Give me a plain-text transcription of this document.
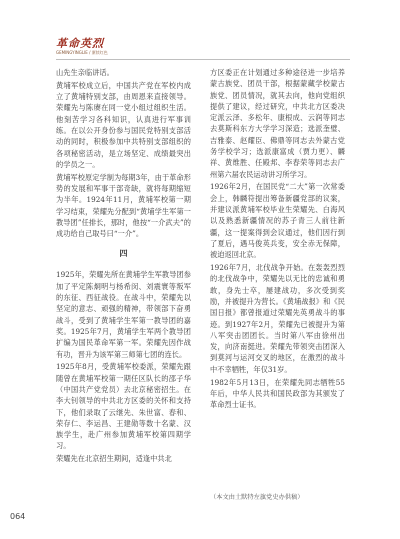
革命英烈
GEMINGYINGLIE / 赓续红色

山先生亲临讲话。

黄埔军校成立后，中国共产党在军校内成立了黄埔特别支部，由周恩来直接领导。荣耀先与陈赓在同一党小组过组织生活。他刻苦学习各科知识，认真进行军事训练。在以公开身份参与国民党特别支部活动的同时，积极参加中共特别支部组织的各项秘密活动，是立场坚定、成绩最突出的学员之一。

黄埔军校原定学制为每期3年，由于革命形势的发展和军事干部奇缺，就将每期缩短为半年。1924年11月，黄埔军校第一期学习结束，荣耀先分配到“黄埔学生军第一教导团”任排长，那时，他按“一介武夫”的成功给自己取号曰“一介”。

四

1925年，荣耀先所在黄埔学生军教导团参加了平定陈炯明与杨希闵、刘震寰等叛军的东征、西征战役。在战斗中，荣耀先以坚定的意志、顽强的精神，带领部下奋勇战斗，受到了黄埔学生军第一教导团的嘉奖。1925年7月，黄埔学生军两个教导团扩编为国民革命军第一军。荣耀先因作战有功，晋升为该军第三师第七团的连长。

1925年8月，受黄埔军校委派，荣耀先跟随曾在黄埔军校第一期任区队长的邵子华（中国共产党党员）去北京秘密招生。在李大钊领导的中共北方区委的关怀和支持下，他们录取了云继先、朱世富、春和、荣存仁、李运昌、王建勋等数十名蒙、汉族学生，赴广州参加黄埔军校第四期学习。

荣耀先在北京招生期间，适逢中共北

方区委正在计划通过多种途径进一步培养蒙古族党、团员干部，根据蒙藏学校蒙古族党、团员情况，就其去向，他向党组织提供了建议，经过研究，中共北方区委决定派云泽、多松年、康根成、云润等同志去莫斯科东方大学学习深造；选派奎璧、吉雅泰、赵耀臣、佛鼎等同志去外蒙古党务学校学习；选派康富成（贾力更）、麟祥、黄维胜、任殿邦、李春荣等同志去广州第六届农民运动讲习所学习。

1926年2月，在国民党“二大”第一次常委会上，韩麟符提出筹备新疆党部的议案，并建议派黄埔军校毕业生荣耀先、白海风以及熟悉新疆情况的苏子青三人前往新疆，这一提案得到会议通过，他们因行到了夏后，遇马俊英兵变，安全赤无保障，被迫返回北京。

1926年7月，北伐战争开始。在轰轰烈烈的北伐战争中，荣耀先以无比的忠诚和勇敢，身先士卒，屡建战功，多次受到奖励，并被提升为营长。《黄埔战报》和《民国日报》都曾报道过荣耀先英勇战斗的事迹。到1927年2月，荣耀先已被提升为第八军突击团团长。当时第八军由徐州出发，向济南挺进。荣耀先带领突击团深入到莫河与运河交叉的地区，在激烈的战斗中不幸牺牲，年仅31岁。

1982年5月13日，在荣耀先同志牺牲55年后，中华人民共和国民政部为其颁发了革命烈士证书。

（本文由土默特左旗党史办供稿）

064
